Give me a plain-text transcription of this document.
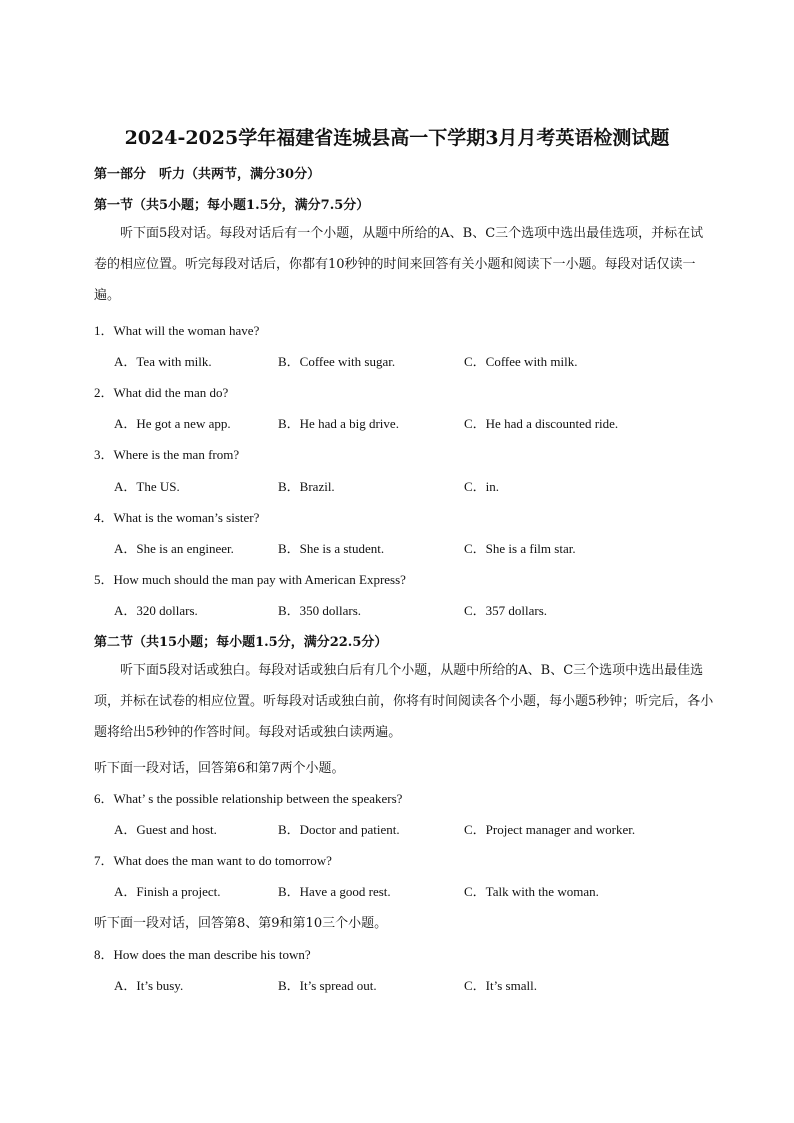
2024-2025学年福建省连城县高一下学期3月月考英语检测试题
第一部分　听力（共两节，满分30分）
第一节（共5小题；每小题1.5分，满分7.5分）
听下面5段对话。每段对话后有一个小题，从题中所给的A、B、C三个选项中选出最佳选项，并标在试卷的相应位置。听完每段对话后，你都有10秒钟的时间来回答有关小题和阅读下一小题。每段对话仅读一遍。
1．What will the woman have?
A．Tea with milk.	B．Coffee with sugar.	C．Coffee with milk.
2．What did the man do?
A．He got a new app.	B．He had a big drive.	C．He had a discounted ride.
3．Where is the man from?
A．The US.	B．Brazil.	C．in.
4．What is the woman’s sister?
A．She is an engineer.	B．She is a student.	C．She is a film star.
5．How much should the man pay with American Express?
A．320 dollars.	B．350 dollars.	C．357 dollars.
第二节（共15小题；每小题1.5分，满分22.5分）
听下面5段对话或独白。每段对话或独白后有几个小题，从题中所给的A、B、C三个选项中选出最佳选项，并标在试卷的相应位置。听每段对话或独白前，你将有时间阅读各个小题，每小题5秒钟；听完后，各小题将给出5秒钟的作答时间。每段对话或独白读两遍。
听下面一段对话，回答第6和第7两个小题。
6．What’ s the possible relationship between the speakers?
A．Guest and host.	B．Doctor and patient.	C．Project manager and worker.
7．What does the man want to do tomorrow?
A．Finish a project.	B．Have a good rest.	C．Talk with the woman.
听下面一段对话，回答第8、第9和第10三个小题。
8．How does the man describe his town?
A．It’s busy.	B．It’s spread out.	C．It’s small.
